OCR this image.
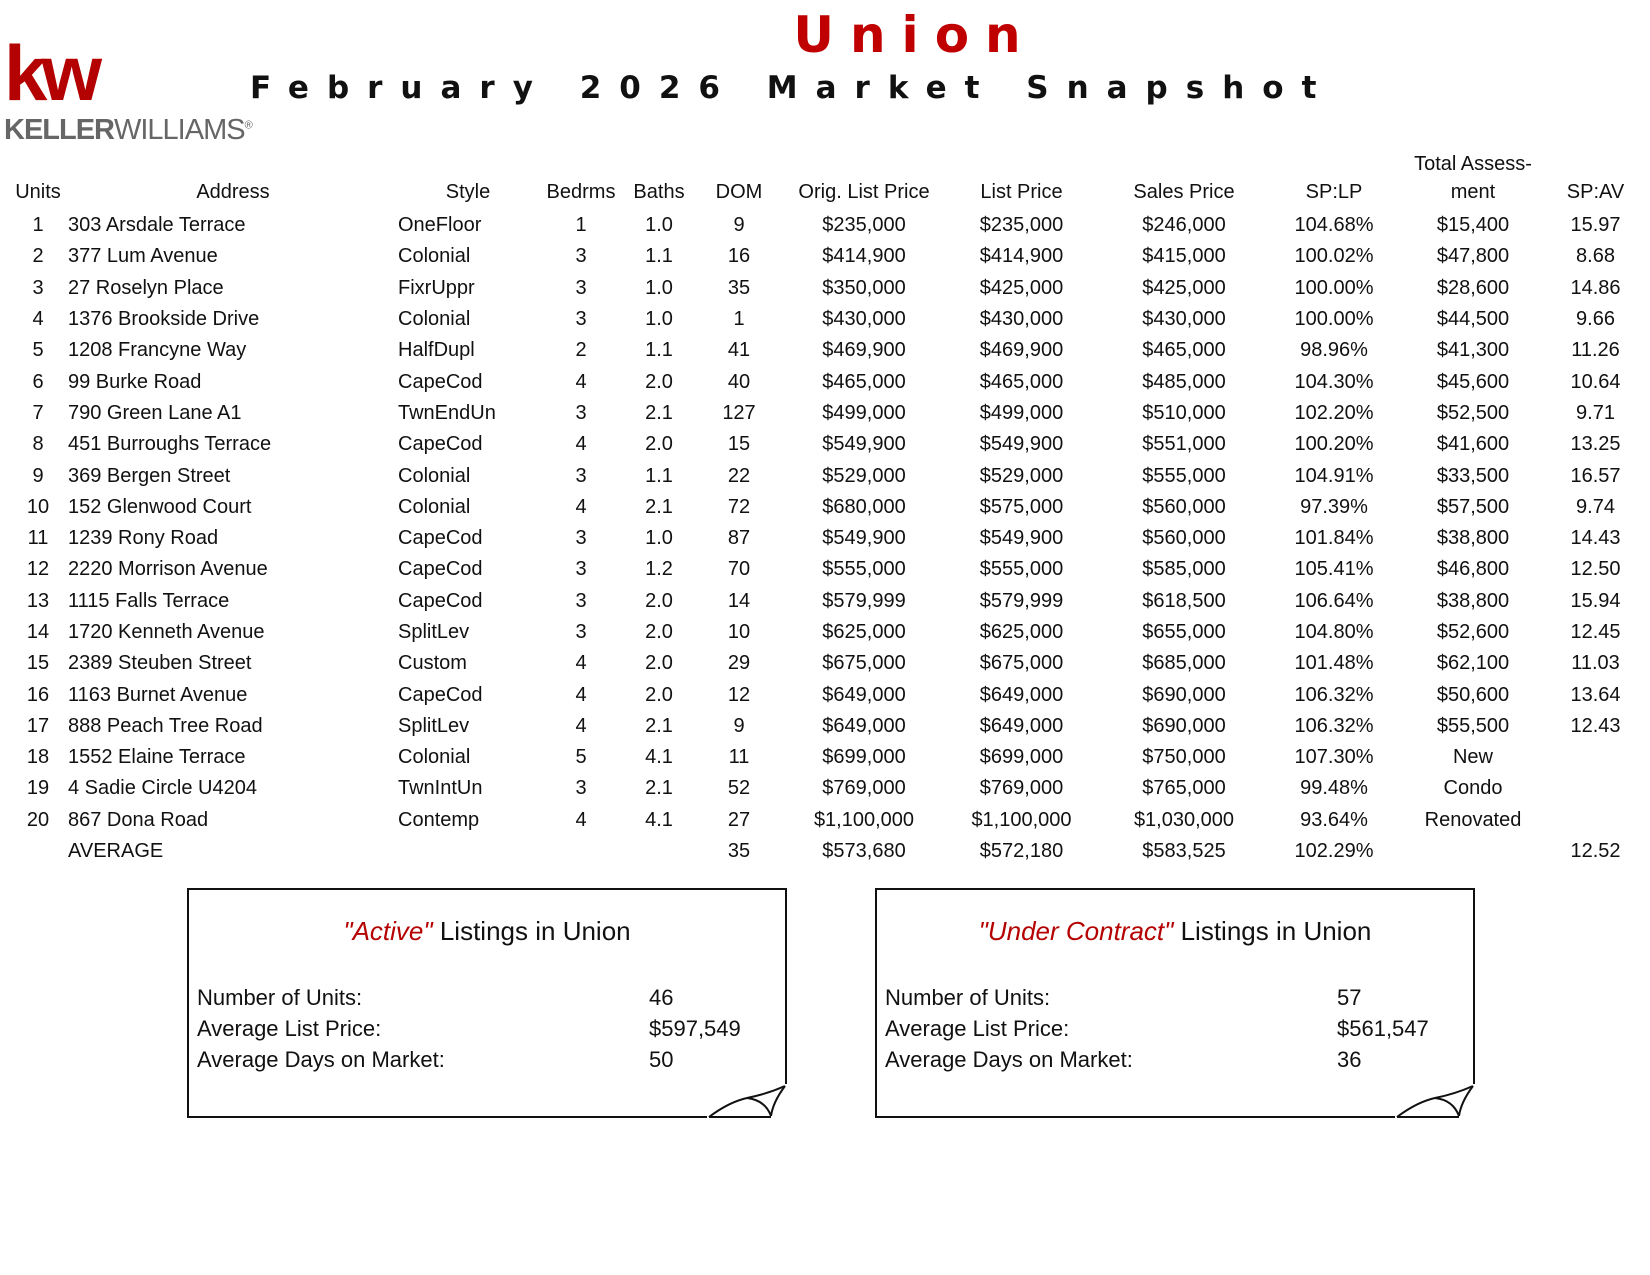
kw
KELLERWILLIAMS®
Union
February 2026 Market Snapshot
Units	Address	Style	Bedrms	Baths	DOM	Orig. List Price	List Price	Sales Price	SP:LP	Total Assess-
ment	SP:AV
1	303 Arsdale Terrace	OneFloor	1	1.0	9	$235,000	$235,000	$246,000	104.68%	$15,400	15.97
2	377 Lum Avenue	Colonial	3	1.1	16	$414,900	$414,900	$415,000	100.02%	$47,800	8.68
3	27 Roselyn Place	FixrUppr	3	1.0	35	$350,000	$425,000	$425,000	100.00%	$28,600	14.86
4	1376 Brookside Drive	Colonial	3	1.0	1	$430,000	$430,000	$430,000	100.00%	$44,500	9.66
5	1208 Francyne Way	HalfDupl	2	1.1	41	$469,900	$469,900	$465,000	98.96%	$41,300	11.26
6	99 Burke Road	CapeCod	4	2.0	40	$465,000	$465,000	$485,000	104.30%	$45,600	10.64
7	790 Green Lane A1	TwnEndUn	3	2.1	127	$499,000	$499,000	$510,000	102.20%	$52,500	9.71
8	451 Burroughs Terrace	CapeCod	4	2.0	15	$549,900	$549,900	$551,000	100.20%	$41,600	13.25
9	369 Bergen Street	Colonial	3	1.1	22	$529,000	$529,000	$555,000	104.91%	$33,500	16.57
10	152 Glenwood Court	Colonial	4	2.1	72	$680,000	$575,000	$560,000	97.39%	$57,500	9.74
11	1239 Rony Road	CapeCod	3	1.0	87	$549,900	$549,900	$560,000	101.84%	$38,800	14.43
12	2220 Morrison Avenue	CapeCod	3	1.2	70	$555,000	$555,000	$585,000	105.41%	$46,800	12.50
13	1115 Falls Terrace	CapeCod	3	2.0	14	$579,999	$579,999	$618,500	106.64%	$38,800	15.94
14	1720 Kenneth Avenue	SplitLev	3	2.0	10	$625,000	$625,000	$655,000	104.80%	$52,600	12.45
15	2389 Steuben Street	Custom	4	2.0	29	$675,000	$675,000	$685,000	101.48%	$62,100	11.03
16	1163 Burnet Avenue	CapeCod	4	2.0	12	$649,000	$649,000	$690,000	106.32%	$50,600	13.64
17	888 Peach Tree Road	SplitLev	4	2.1	9	$649,000	$649,000	$690,000	106.32%	$55,500	12.43
18	1552 Elaine Terrace	Colonial	5	4.1	11	$699,000	$699,000	$750,000	107.30%	New	
19	4 Sadie Circle U4204	TwnIntUn	3	2.1	52	$769,000	$769,000	$765,000	99.48%	Condo	
20	867 Dona Road	Contemp	4	4.1	27	$1,100,000	$1,100,000	$1,030,000	93.64%	Renovated	
	AVERAGE				35	$573,680	$572,180	$583,525	102.29%		12.52
"Active" Listings in Union
Number of Units:	46
Average List Price:	$597,549
Average Days on Market:	50
"Under Contract" Listings in Union
Number of Units:	57
Average List Price:	$561,547
Average Days on Market:	36
